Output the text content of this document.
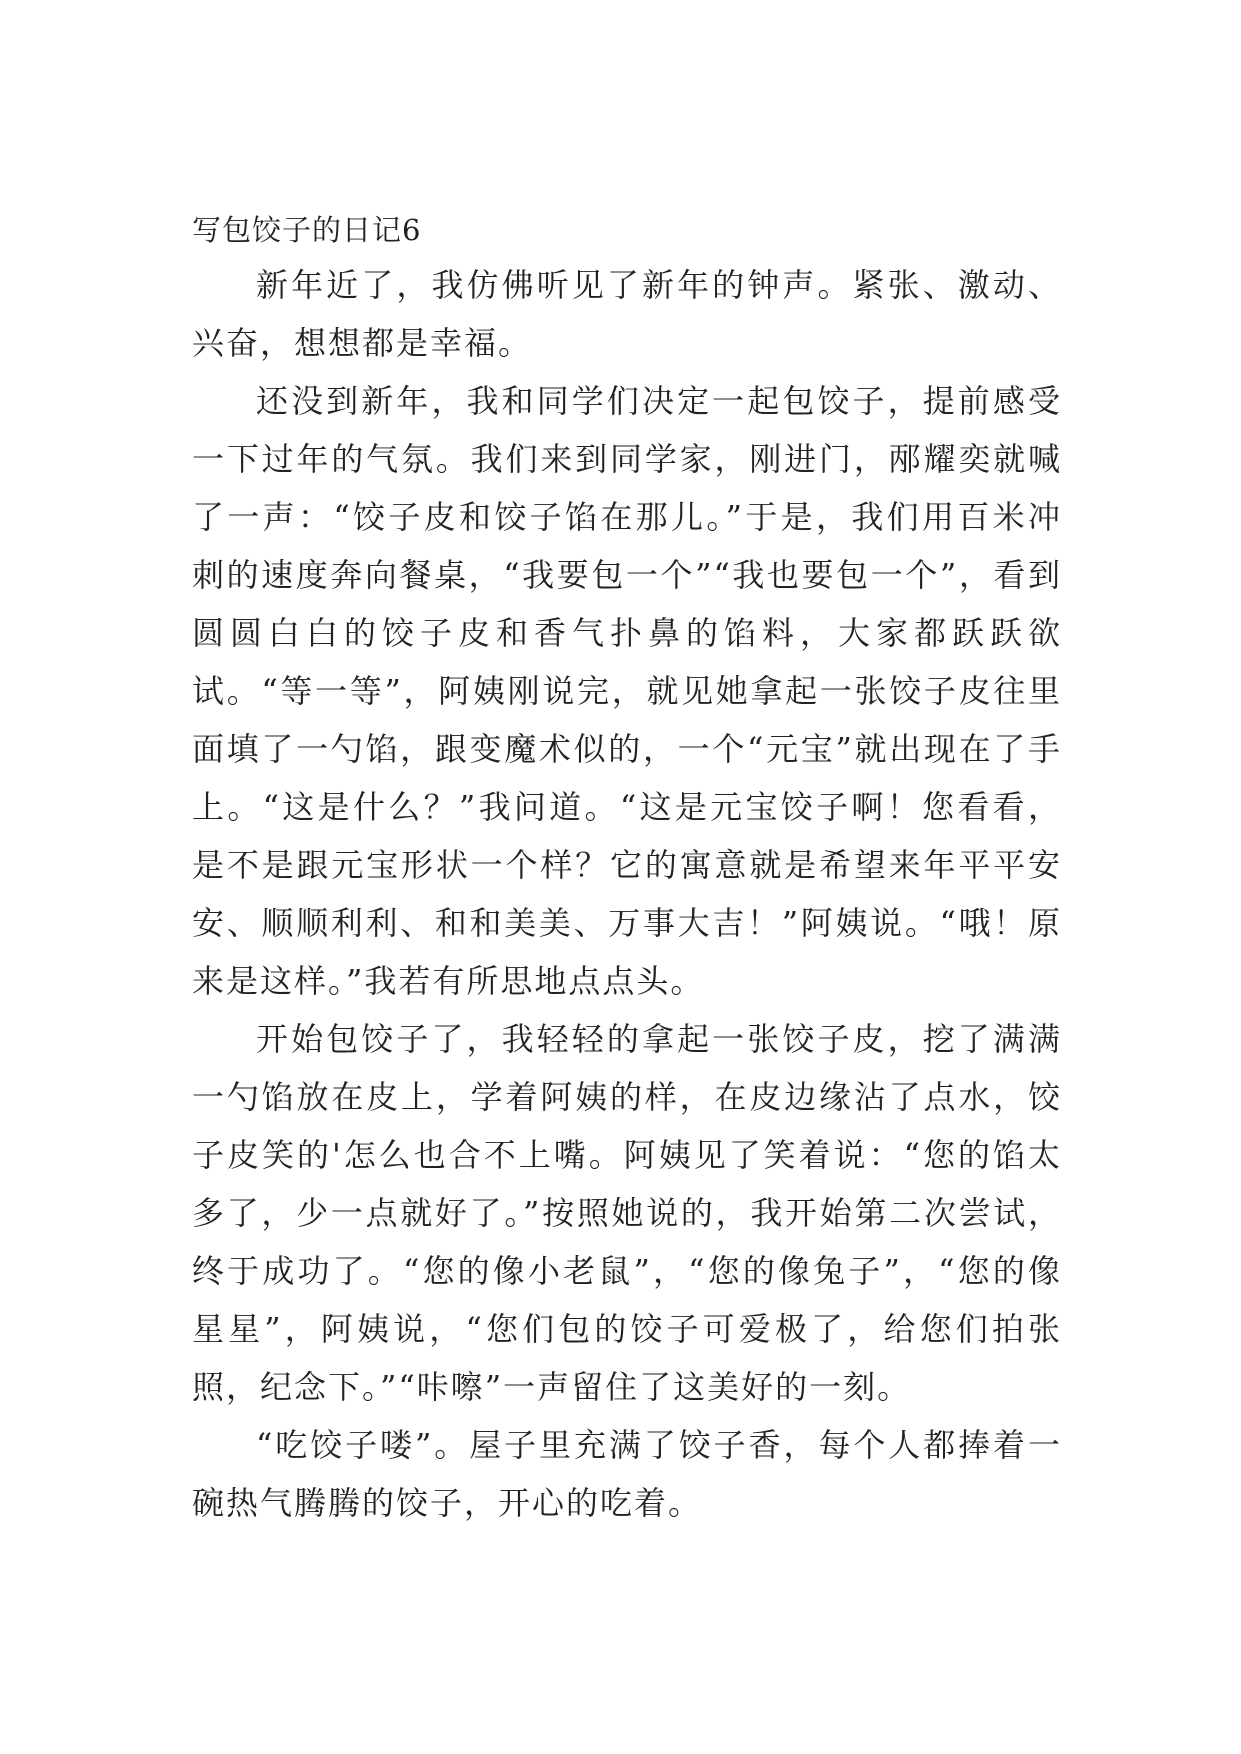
写包饺子的日记6

新年近了，我仿佛听见了新年的钟声。紧张、激动、兴奋，想想都是幸福。

还没到新年，我和同学们决定一起包饺子，提前感受一下过年的气氛。我们来到同学家，刚进门，邴耀奕就喊了一声：“饺子皮和饺子馅在那儿。”于是，我们用百米冲刺的速度奔向餐桌，“我要包一个”“我也要包一个”，看到圆圆白白的饺子皮和香气扑鼻的馅料，大家都跃跃欲试。“等一等”，阿姨刚说完，就见她拿起一张饺子皮往里面填了一勺馅，跟变魔术似的，一个“元宝”就出现在了手上。“这是什么？”我问道。“这是元宝饺子啊！您看看，是不是跟元宝形状一个样？它的寓意就是希望来年平平安安、顺顺利利、和和美美、万事大吉！”阿姨说。“哦！原来是这样。”我若有所思地点点头。

开始包饺子了，我轻轻的拿起一张饺子皮，挖了满满一勺馅放在皮上，学着阿姨的样，在皮边缘沾了点水，饺子皮笑的'怎么也合不上嘴。阿姨见了笑着说：“您的馅太多了，少一点就好了。”按照她说的，我开始第二次尝试，终于成功了。“您的像小老鼠”，“您的像兔子”，“您的像星星”，阿姨说，“您们包的饺子可爱极了，给您们拍张照，纪念下。”“咔嚓”一声留住了这美好的一刻。

“吃饺子喽”。屋子里充满了饺子香，每个人都捧着一碗热气腾腾的饺子，开心的吃着。
